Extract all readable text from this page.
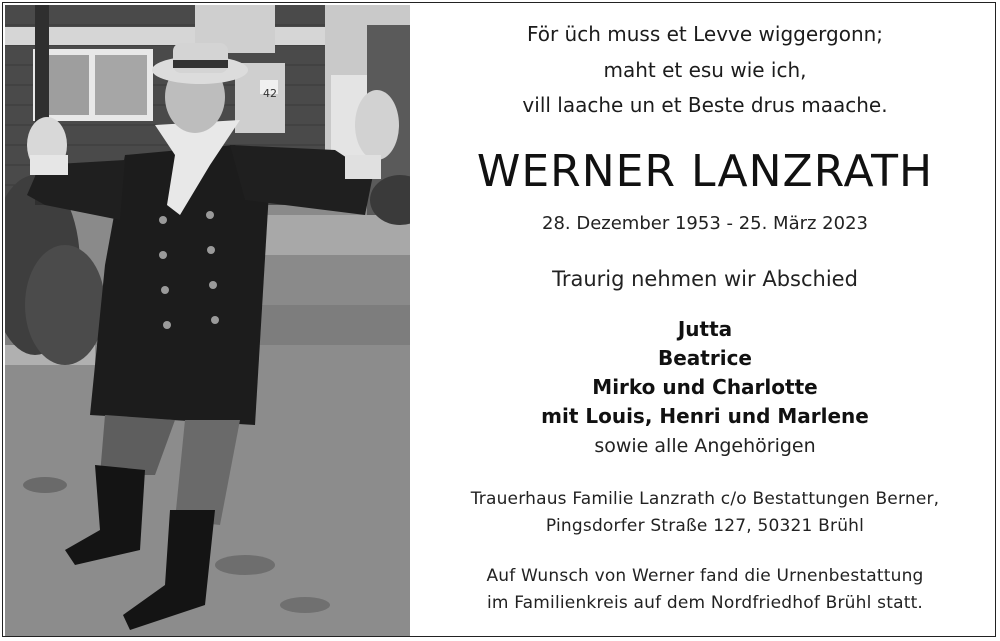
42
För üch muss et Levve wiggergonn;
maht et esu wie ich,
vill laache un et Beste drus maache.
WERNER LANZRATH
28. Dezember 1953 - 25. März 2023
Traurig nehmen wir Abschied
Jutta
Beatrice
Mirko und Charlotte
mit Louis, Henri und Marlene
sowie alle Angehörigen
Trauerhaus Familie Lanzrath c/o Bestattungen Berner,
Pingsdorfer Straße 127, 50321 Brühl
Auf Wunsch von Werner fand die Urnenbestattung
im Familienkreis auf dem Nordfriedhof Brühl statt.
